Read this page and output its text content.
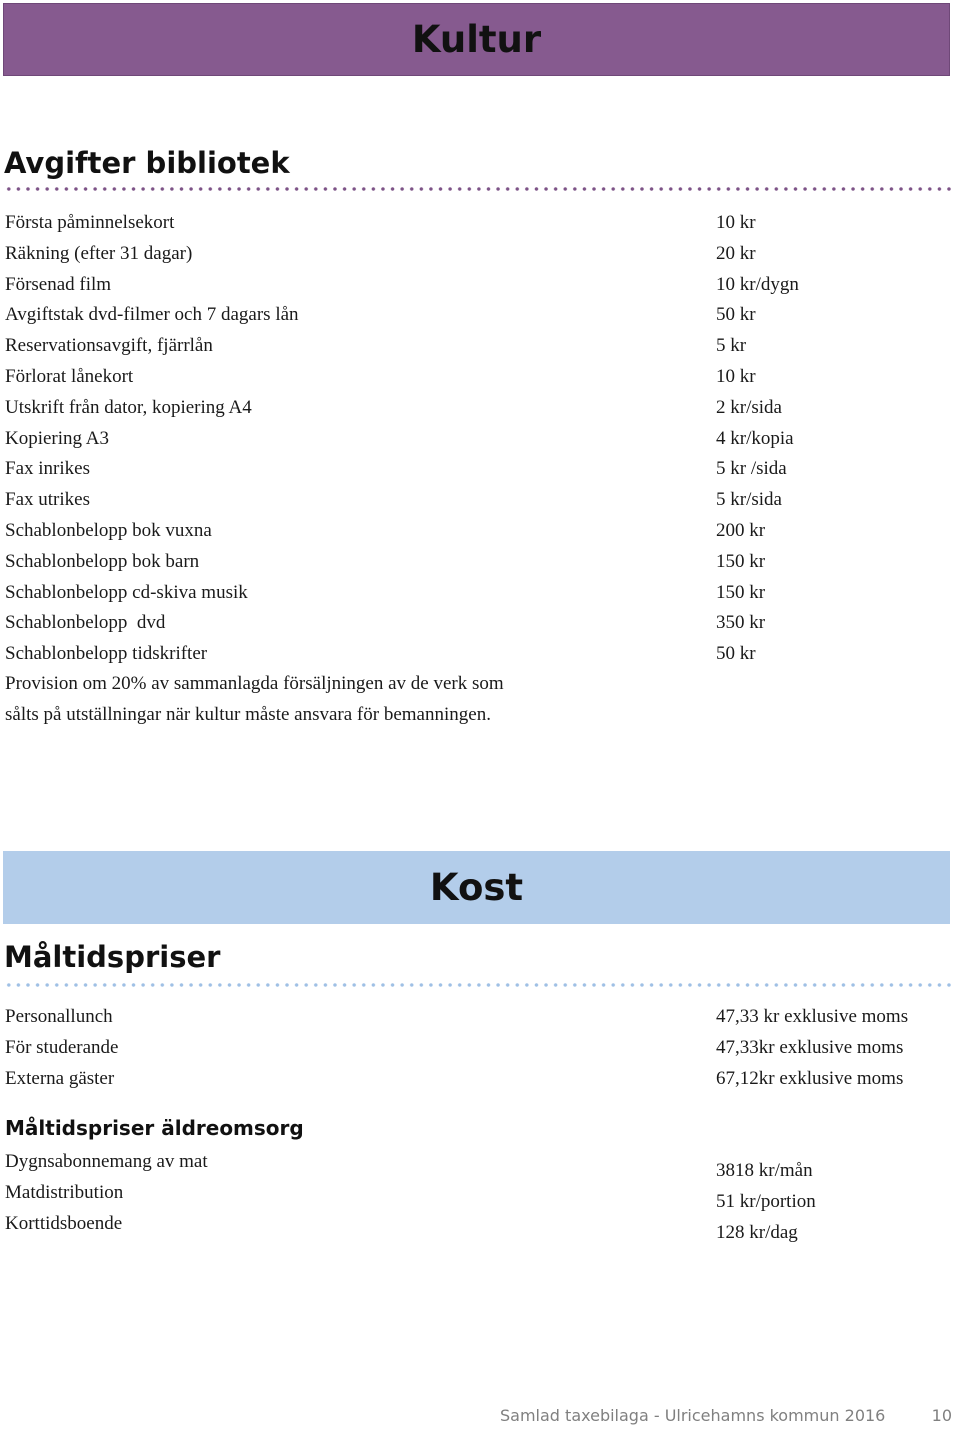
Kultur
Avgifter bibliotek
Första påminnelsekort
Räkning (efter 31 dagar)
Försenad film
Avgiftstak dvd-filmer och 7 dagars lån
Reservationsavgift, fjärrlån
Förlorat lånekort
Utskrift från dator, kopiering A4
Kopiering A3
Fax inrikes
Fax utrikes
Schablonbelopp bok vuxna
Schablonbelopp bok barn
Schablonbelopp cd-skiva musik
Schablonbelopp  dvd
Schablonbelopp tidskrifter
10 kr
20 kr
10 kr/dygn
50 kr
5 kr
10 kr
2 kr/sida
4 kr/kopia
5 kr /sida
5 kr/sida
200 kr
150 kr
150 kr
350 kr
50 kr
Provision om 20% av sammanlagda försäljningen av de verk som
sålts på utställningar när kultur måste ansvara för bemanningen.
Kost
Måltidspriser
Personallunch
För studerande
Externa gäster
47,33 kr exklusive moms
47,33kr exklusive moms
67,12kr exklusive moms
Måltidspriser äldreomsorg
Dygnsabonnemang av mat
Matdistribution
Korttidsboende
3818 kr/mån
51 kr/portion
128 kr/dag
Samlad taxebilaga - Ulricehamns kommun 2016	10
